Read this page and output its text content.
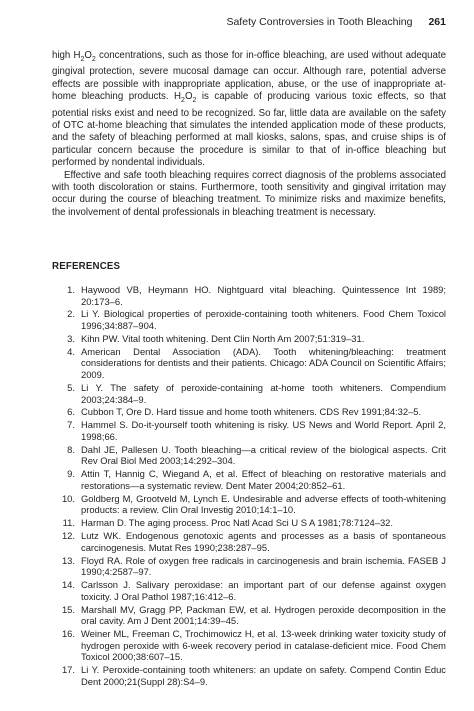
Safety Controversies in Tooth Bleaching 261

high $H_2O_2$ concentrations, such as those for in-office bleaching, are used without adequate gingival protection, severe mucosal damage can occur. Although rare, potential adverse effects are possible with inappropriate application, abuse, or the use of inappropriate at-home bleaching products. $H_2O_2$ is capable of producing various toxic effects, so that potential risks exist and need to be recognized. So far, little data are available on the safety of OTC at-home bleaching that simulates the intended application mode of these products, and the safety of bleaching performed at mall kiosks, salons, spas, and cruise ships is of particular concern because the procedure is similar to that of in-office bleaching but performed by nondental individuals.

Effective and safe tooth bleaching requires correct diagnosis of the problems associated with tooth discoloration or stains. Furthermore, tooth sensitivity and gingival irritation may occur during the course of bleaching treatment. To minimize risks and maximize benefits, the involvement of dental professionals in bleaching treatment is necessary.

REFERENCES
1. Haywood VB, Heymann HO. Nightguard vital bleaching. Quintessence Int 1989; 20:173–6.
2. Li Y. Biological properties of peroxide-containing tooth whiteners. Food Chem Toxicol 1996;34:887–904.
3. Kihn PW. Vital tooth whitening. Dent Clin North Am 2007;51:319–31.
4. American Dental Association (ADA). Tooth whitening/bleaching: treatment considerations for dentists and their patients. Chicago: ADA Council on Scientific Affairs; 2009.
5. Li Y. The safety of peroxide-containing at-home tooth whiteners. Compendium 2003;24:384–9.
6. Cubbon T, Ore D. Hard tissue and home tooth whiteners. CDS Rev 1991;84:32–5.
7. Hammel S. Do-it-yourself tooth whitening is risky. US News and World Report. April 2, 1998;66.
8. Dahl JE, Pallesen U. Tooth bleaching—a critical review of the biological aspects. Crit Rev Oral Biol Med 2003;14:292–304.
9. Attin T, Hannig C, Wiegand A, et al. Effect of bleaching on restorative materials and restorations—a systematic review. Dent Mater 2004;20:852–61.
10. Goldberg M, Grootveld M, Lynch E. Undesirable and adverse effects of tooth-whitening products: a review. Clin Oral Investig 2010;14:1–10.
11. Harman D. The aging process. Proc Natl Acad Sci U S A 1981;78:7124–32.
12. Lutz WK. Endogenous genotoxic agents and processes as a basis of spontaneous carcinogenesis. Mutat Res 1990;238:287–95.
13. Floyd RA. Role of oxygen free radicals in carcinogenesis and brain ischemia. FASEB J 1990;4:2587–97.
14. Carlsson J. Salivary peroxidase: an important part of our defense against oxygen toxicity. J Oral Pathol 1987;16:412–6.
15. Marshall MV, Gragg PP, Packman EW, et al. Hydrogen peroxide decomposition in the oral cavity. Am J Dent 2001;14:39–45.
16. Weiner ML, Freeman C, Trochimowicz H, et al. 13-week drinking water toxicity study of hydrogen peroxide with 6-week recovery period in catalase-deficient mice. Food Chem Toxicol 2000;38:607–15.
17. Li Y. Peroxide-containing tooth whiteners: an update on safety. Compend Contin Educ Dent 2000;21(Suppl 28):S4–9.
